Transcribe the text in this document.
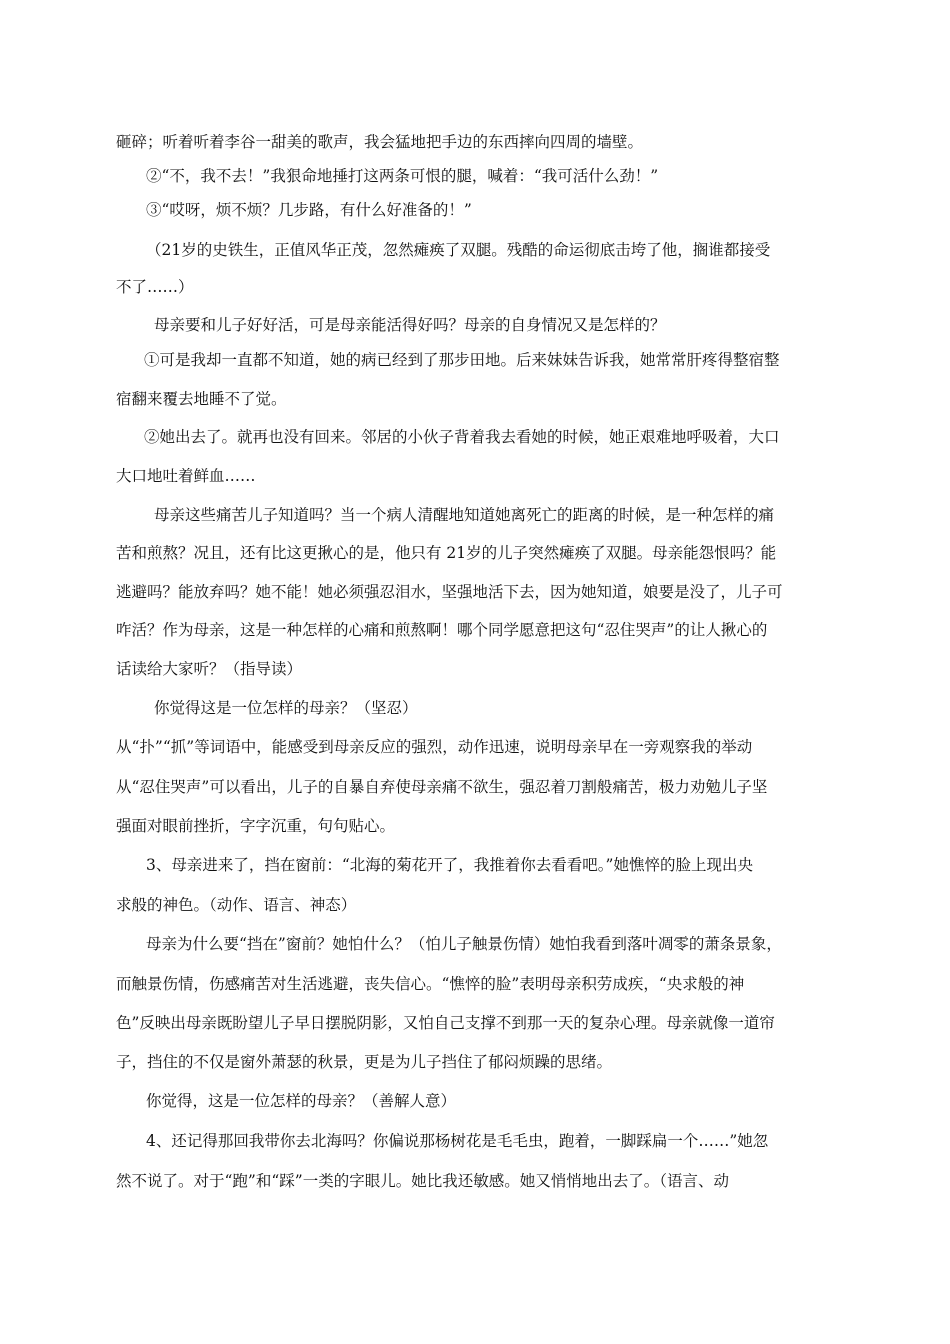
砸碎；听着听着李谷一甜美的歌声，我会猛地把手边的东西摔向四周的墙壁。
②“不，我不去！”我狠命地捶打这两条可恨的腿，喊着：“我可活什么劲！”
③“哎呀，烦不烦？几步路，有什么好准备的！”
（21岁的史铁生，正值风华正茂，忽然瘫痪了双腿。残酷的命运彻底击垮了他，搁谁都接受
不了……）
母亲要和儿子好好活，可是母亲能活得好吗？母亲的自身情况又是怎样的？
①可是我却一直都不知道，她的病已经到了那步田地。后来妹妹告诉我，她常常肝疼得整宿整
宿翻来覆去地睡不了觉。
②她出去了。就再也没有回来。邻居的小伙子背着我去看她的时候，她正艰难地呼吸着，大口
大口地吐着鲜血……
母亲这些痛苦儿子知道吗？当一个病人清醒地知道她离死亡的距离的时候，是一种怎样的痛
苦和煎熬？况且，还有比这更揪心的是，他只有 21岁的儿子突然瘫痪了双腿。母亲能怨恨吗？能
逃避吗？能放弃吗？她不能！她必须强忍泪水，坚强地活下去，因为她知道，娘要是没了，儿子可
咋活？作为母亲，这是一种怎样的心痛和煎熬啊！哪个同学愿意把这句“忍住哭声”的让人揪心的
话读给大家听？（指导读）
你觉得这是一位怎样的母亲？（坚忍）
从“扑”“抓”等词语中，能感受到母亲反应的强烈，动作迅速，说明母亲早在一旁观察我的举动
从“忍住哭声”可以看出，儿子的自暴自弃使母亲痛不欲生，强忍着刀割般痛苦，极力劝勉儿子坚
强面对眼前挫折，字字沉重，句句贴心。
3、母亲进来了，挡在窗前：“北海的菊花开了，我推着你去看看吧。”她憔悴的脸上现出央
求般的神色。（动作、语言、神态）
母亲为什么要“挡在”窗前？她怕什么？（怕儿子触景伤情）她怕我看到落叶凋零的萧条景象，
而触景伤情，伤感痛苦对生活逃避，丧失信心。“憔悴的脸”表明母亲积劳成疾，“央求般的神
色”反映出母亲既盼望儿子早日摆脱阴影，又怕自己支撑不到那一天的复杂心理。母亲就像一道帘
子，挡住的不仅是窗外萧瑟的秋景，更是为儿子挡住了郁闷烦躁的思绪。
你觉得，这是一位怎样的母亲？（善解人意）
4、还记得那回我带你去北海吗？你偏说那杨树花是毛毛虫，跑着，一脚踩扁一个……”她忽
然不说了。对于“跑”和“踩”一类的字眼儿。她比我还敏感。她又悄悄地出去了。（语言、动
